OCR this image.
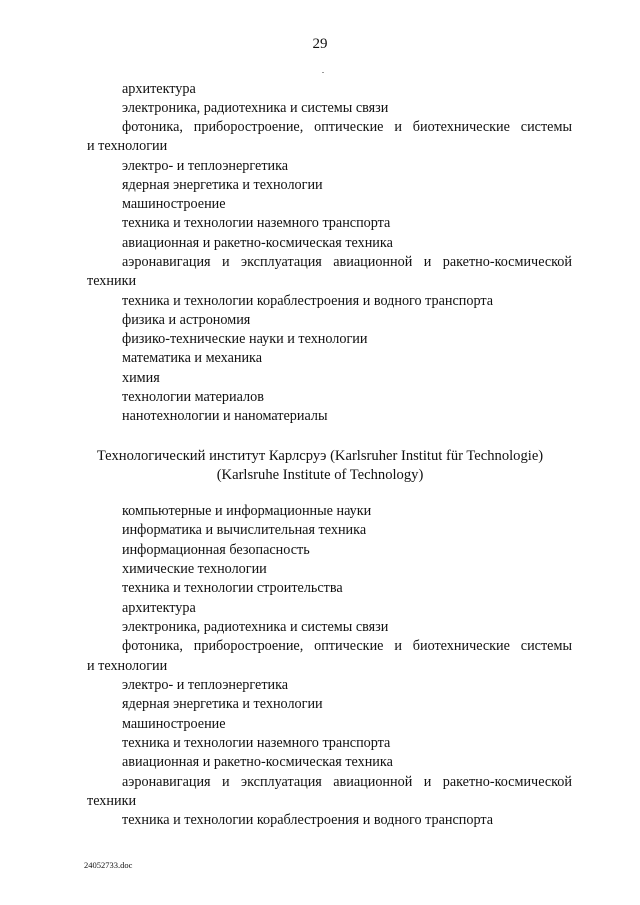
29
архитектура
электроника, радиотехника и системы связи
фотоника, приборостроение, оптические и биотехнические системы
и технологии
электро- и теплоэнергетика
ядерная энергетика и технологии
машиностроение
техника и технологии наземного транспорта
авиационная и ракетно-космическая техника
аэронавигация и эксплуатация авиационной и ракетно-космической
техники
техника и технологии кораблестроения и водного транспорта
физика и астрономия
физико-технические науки и технологии
математика и механика
химия
технологии материалов
нанотехнологии и наноматериалы
Технологический институт Карлсруэ (Karlsruher Institut für Technologie)
(Karlsruhe Institute of Technology)
компьютерные и информационные науки
информатика и вычислительная техника
информационная безопасность
химические технологии
техника и технологии строительства
архитектура
электроника, радиотехника и системы связи
фотоника, приборостроение, оптические и биотехнические системы
и технологии
электро- и теплоэнергетика
ядерная энергетика и технологии
машиностроение
техника и технологии наземного транспорта
авиационная и ракетно-космическая техника
аэронавигация и эксплуатация авиационной и ракетно-космической
техники
техника и технологии кораблестроения и водного транспорта
24052733.doc
